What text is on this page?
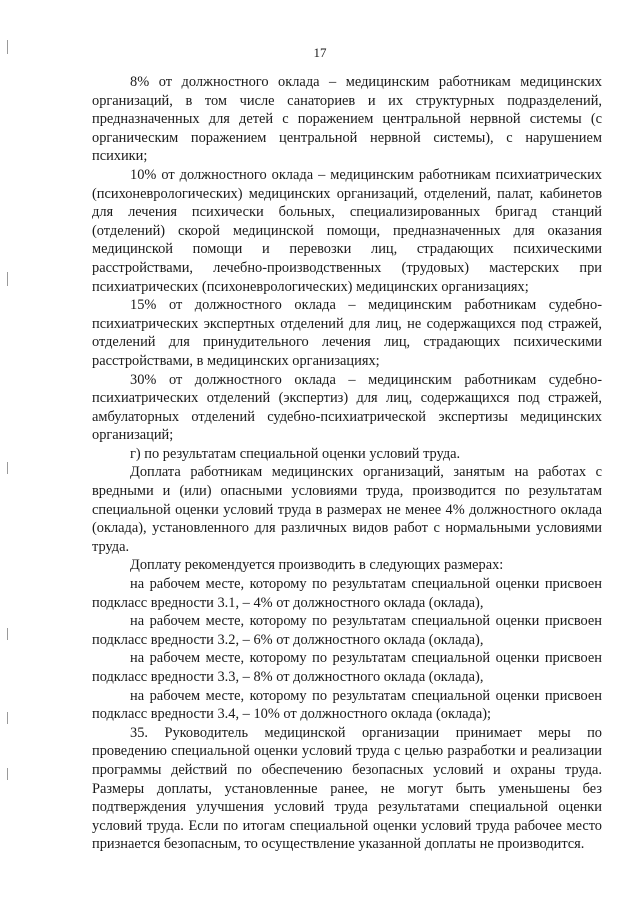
17

8% от должностного оклада – медицинским работникам медицинских организаций, в том числе санаториев и их структурных подразделений, предназначенных для детей с поражением центральной нервной системы (с органическим поражением центральной нервной системы), с нарушением психики;

10% от должностного оклада – медицинским работникам психиатрических (психоневрологических) медицинских организаций, отделений, палат, кабинетов для лечения психически больных, специализированных бригад станций (отделений) скорой медицинской помощи, предназначенных для оказания медицинской помощи и перевозки лиц, страдающих психическими расстройствами, лечебно-производственных (трудовых) мастерских при психиатрических (психоневрологических) медицинских организациях;

15% от должностного оклада – медицинским работникам судебно-психиатрических экспертных отделений для лиц, не содержащихся под стражей, отделений для принудительного лечения лиц, страдающих психическими расстройствами, в медицинских организациях;

30% от должностного оклада – медицинским работникам судебно-психиатрических отделений (экспертиз) для лиц, содержащихся под стражей, амбулаторных отделений судебно-психиатрической экспертизы медицинских организаций;

г) по результатам специальной оценки условий труда.

Доплата работникам медицинских организаций, занятым на работах с вредными и (или) опасными условиями труда, производится по результатам специальной оценки условий труда в размерах не менее 4% должностного оклада (оклада), установленного для различных видов работ с нормальными условиями труда.

Доплату рекомендуется производить в следующих размерах:

на рабочем месте, которому по результатам специальной оценки присвоен подкласс вредности 3.1, – 4% от должностного оклада (оклада),

на рабочем месте, которому по результатам специальной оценки присвоен подкласс вредности 3.2, – 6% от должностного оклада (оклада),

на рабочем месте, которому по результатам специальной оценки присвоен подкласс вредности 3.3, – 8% от должностного оклада (оклада),

на рабочем месте, которому по результатам специальной оценки присвоен подкласс вредности 3.4, – 10% от должностного оклада (оклада);

35. Руководитель медицинской организации принимает меры по проведению специальной оценки условий труда с целью разработки и реализации программы действий по обеспечению безопасных условий и охраны труда. Размеры доплаты, установленные ранее, не могут быть уменьшены без подтверждения улучшения условий труда результатами специальной оценки условий труда. Если по итогам специальной оценки условий труда рабочее место признается безопасным, то осуществление указанной доплаты не производится.
